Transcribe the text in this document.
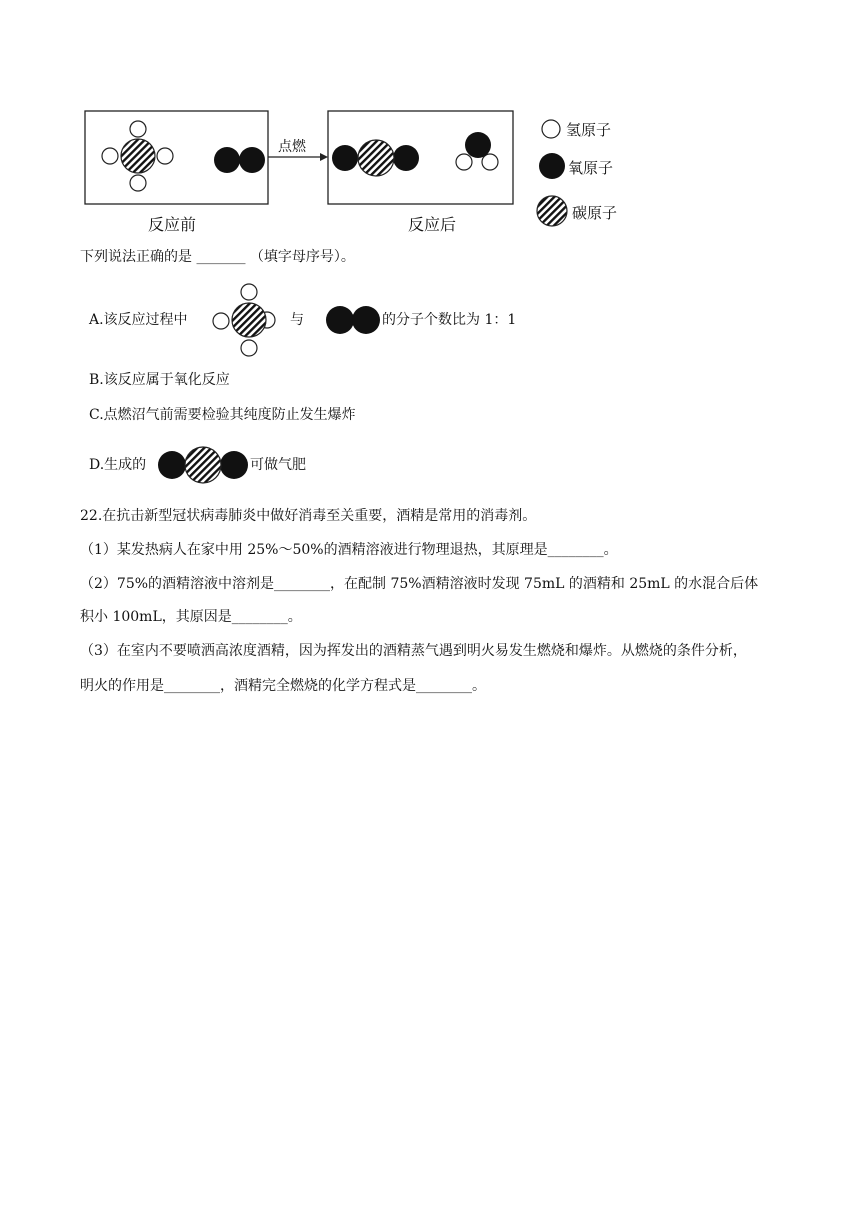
点燃
反应前	反应后
氢原子
氧原子
碳原子
下列说法正确的是 _______ （填字母序号）。
A.该反应过程中	与	的分子个数比为 1：1
B.该反应属于氧化反应
C.点燃沼气前需要检验其纯度防止发生爆炸
D.生成的	可做气肥
22.在抗击新型冠状病毒肺炎中做好消毒至关重要，酒精是常用的消毒剂。
（1）某发热病人在家中用 25%～50%的酒精溶液进行物理退热，其原理是________。
（2）75%的酒精溶液中溶剂是________，在配制 75%酒精溶液时发现 75mL 的酒精和 25mL 的水混合后体
积小 100mL，其原因是________。
（3）在室内不要喷洒高浓度酒精，因为挥发出的酒精蒸气遇到明火易发生燃烧和爆炸。从燃烧的条件分析，
明火的作用是________，酒精完全燃烧的化学方程式是________。
